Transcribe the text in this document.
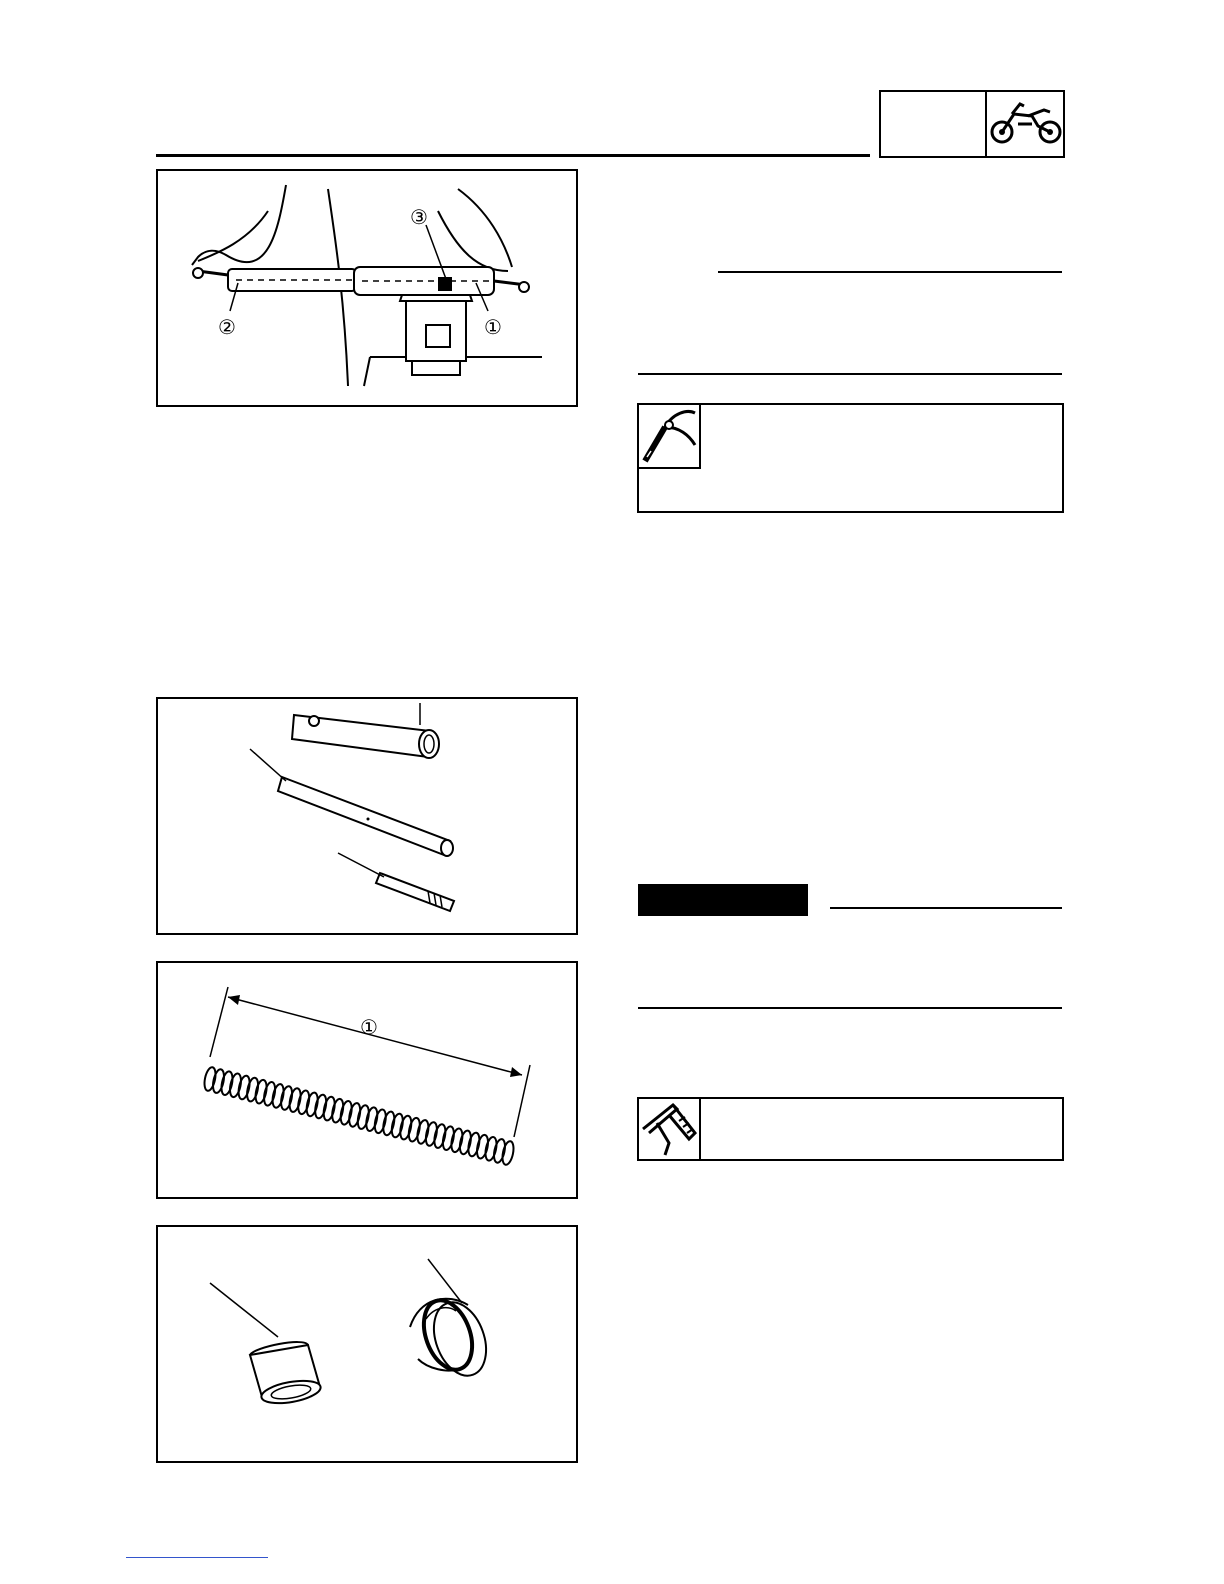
③
②	①
①
